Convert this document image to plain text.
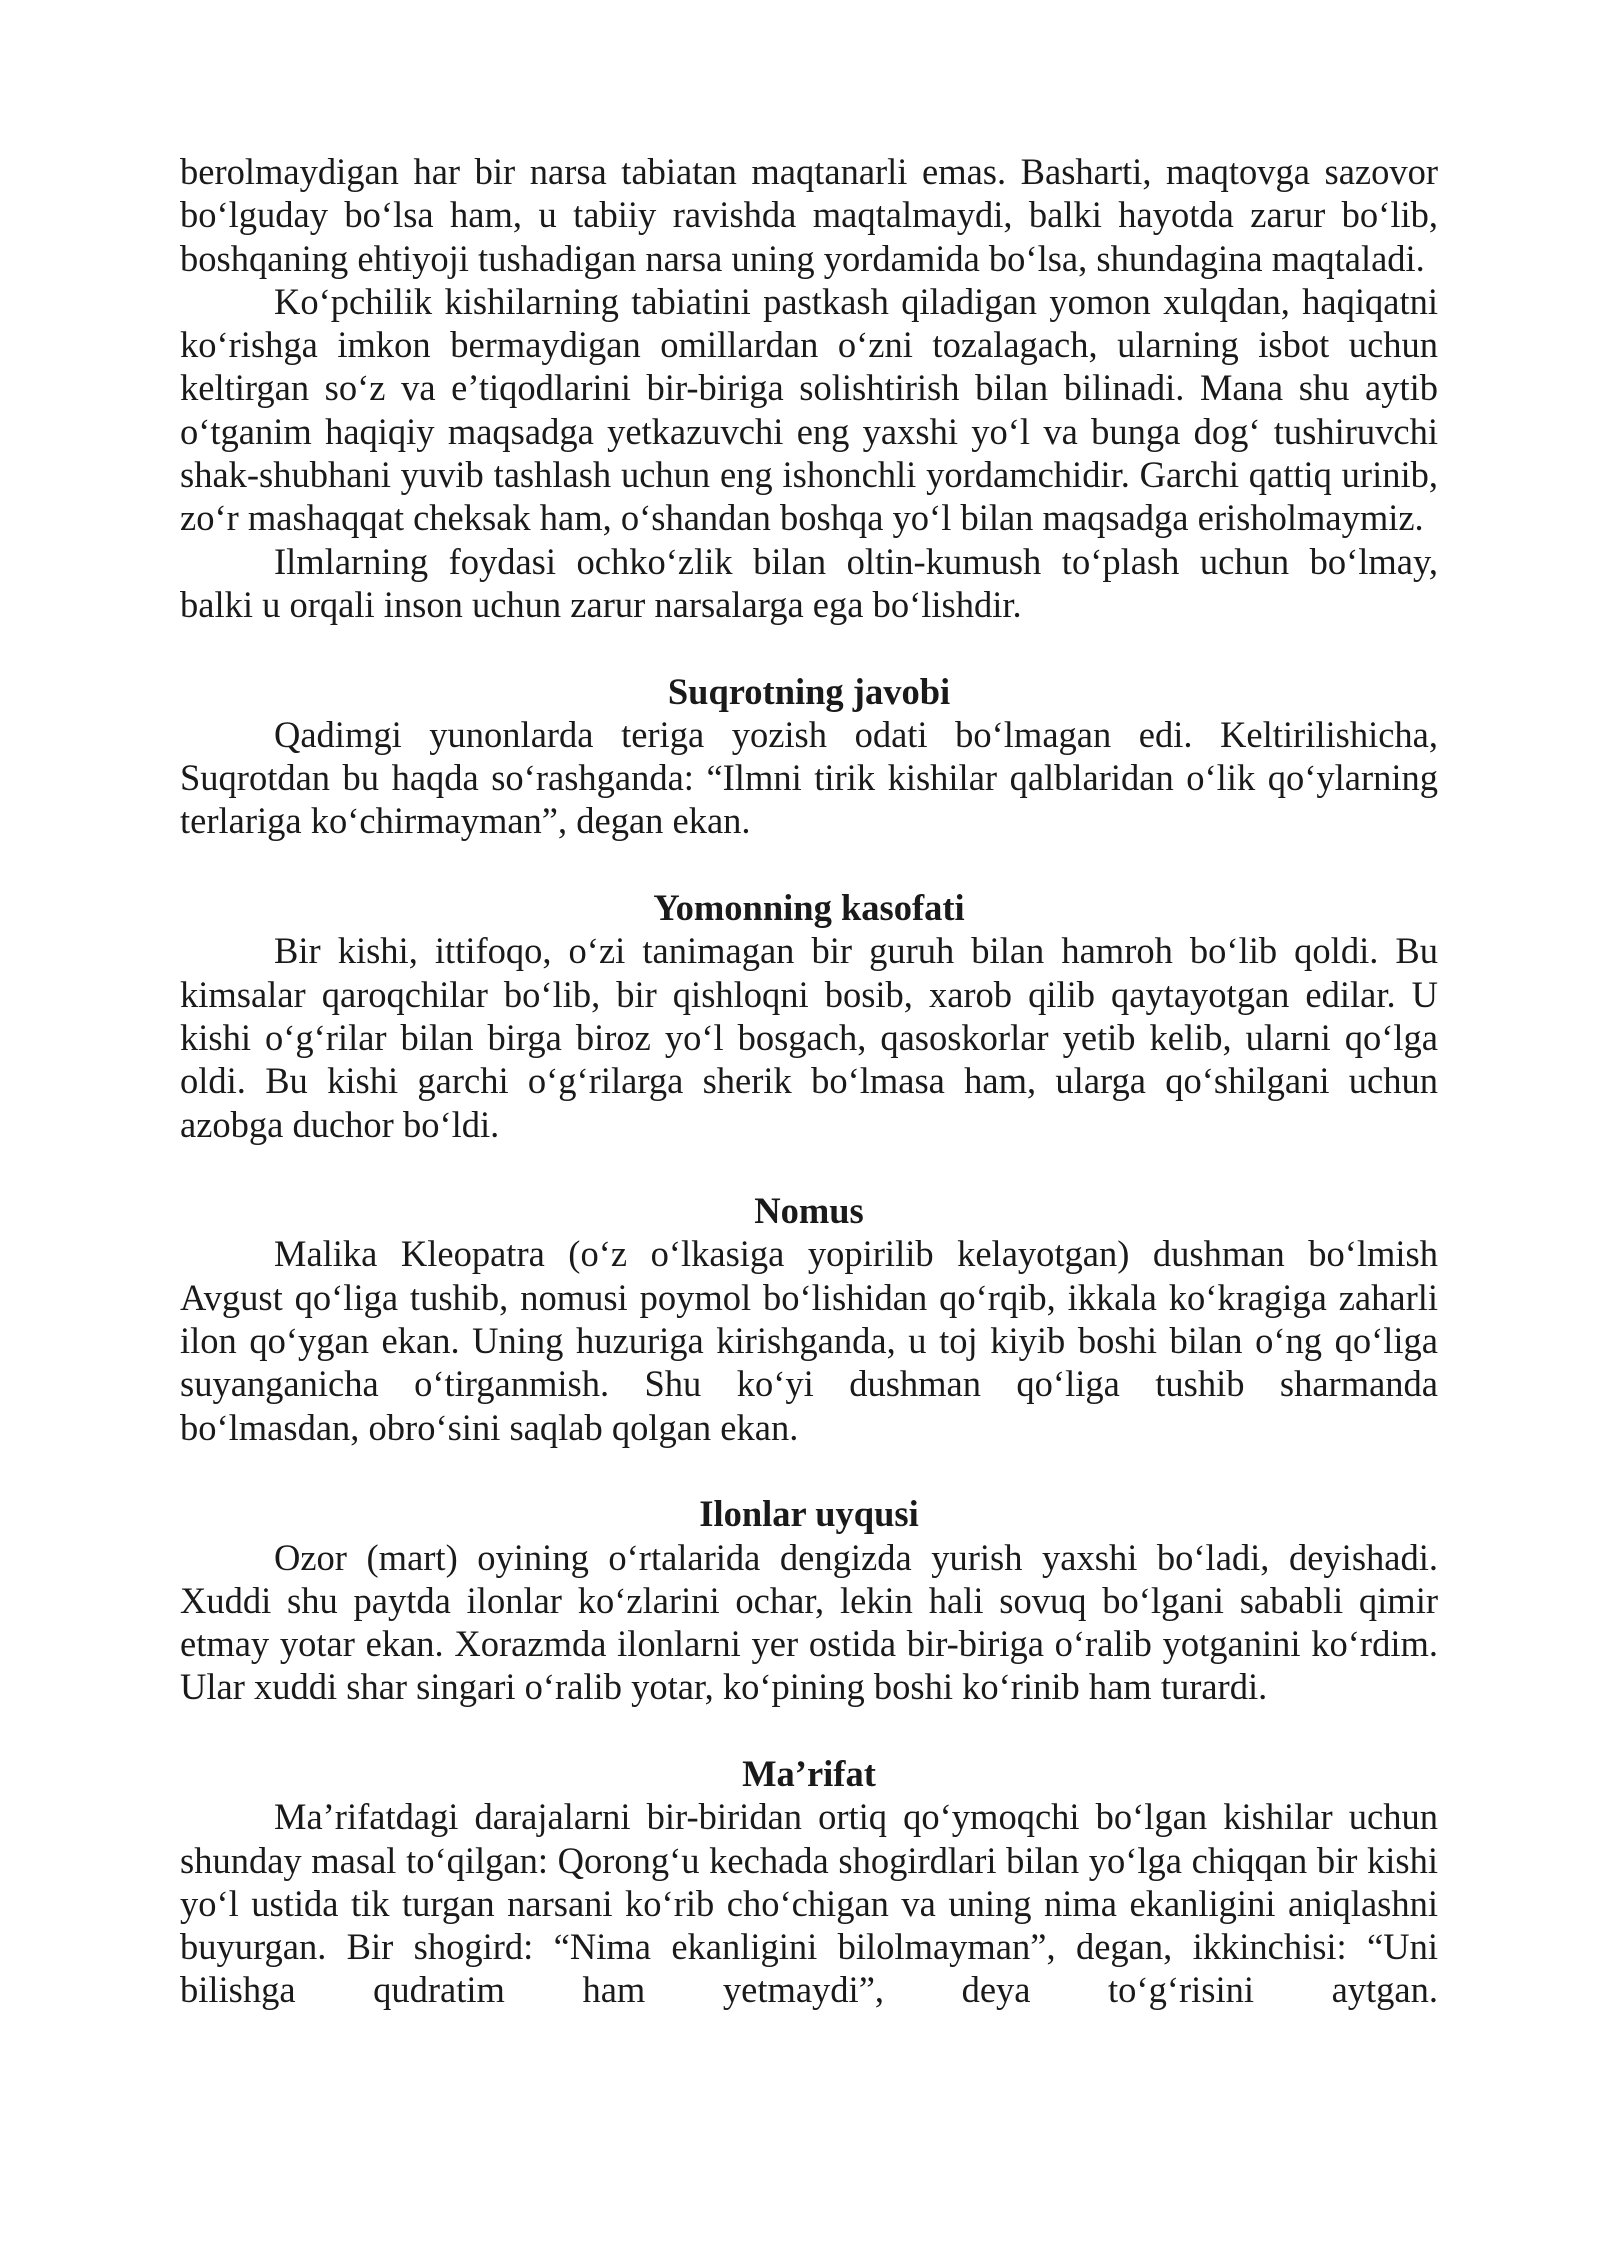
berolmaydigan har bir narsa tabiatan maqtanarli emas. Basharti, maqtovga sazovor bo‘lguday bo‘lsa ham, u tabiiy ravishda maqtalmaydi, balki hayotda zarur bo‘lib, boshqaning ehtiyoji tushadigan narsa uning yordamida bo‘lsa, shundagina maqtaladi.

Ko‘pchilik kishilarning tabiatini pastkash qiladigan yomon xulqdan, haqiqatni ko‘rishga imkon bermaydigan omillardan o‘zni tozalagach, ularning isbot uchun keltirgan so‘z va e’tiqodlarini bir-biriga solishtirish bilan bilinadi. Mana shu aytib o‘tganim haqiqiy maqsadga yetkazuvchi eng yaxshi yo‘l va bunga dog‘ tushiruvchi shak-shubhani yuvib tashlash uchun eng ishonchli yordamchidir. Garchi qattiq urinib, zo‘r mashaqqat cheksak ham, o‘shandan boshqa yo‘l bilan maqsadga erisholmaymiz.

Ilmlarning foydasi ochko‘zlik bilan oltin-kumush to‘plash uchun bo‘lmay, balki u orqali inson uchun zarur narsalarga ega bo‘lishdir.

Suqrotning javobi

Qadimgi yunonlarda teriga yozish odati bo‘lmagan edi. Keltirilishicha, Suqrotdan bu haqda so‘rashganda: “Ilmni tirik kishilar qalblaridan o‘lik qo‘ylarning terlariga ko‘chirmayman”, degan ekan.

Yomonning kasofati

Bir kishi, ittifoqo, o‘zi tanimagan bir guruh bilan hamroh bo‘lib qoldi. Bu kimsalar qaroqchilar bo‘lib, bir qishloqni bosib, xarob qilib qaytayotgan edilar. U kishi o‘g‘rilar bilan birga biroz yo‘l bosgach, qasoskorlar yetib kelib, ularni qo‘lga oldi. Bu kishi garchi o‘g‘rilarga sherik bo‘lmasa ham, ularga qo‘shilgani uchun azobga duchor bo‘ldi.

Nomus

Malika Kleopatra (o‘z o‘lkasiga yopirilib kelayotgan) dushman bo‘lmish Avgust qo‘liga tushib, nomusi poymol bo‘lishidan qo‘rqib, ikkala ko‘kragiga zaharli ilon qo‘ygan ekan. Uning huzuriga kirishganda, u toj kiyib boshi bilan o‘ng qo‘liga suyanganicha o‘tirganmish. Shu ko‘yi dushman qo‘liga tushib sharmanda bo‘lmasdan, obro‘sini saqlab qolgan ekan.

Ilonlar uyqusi

Ozor (mart) oyining o‘rtalarida dengizda yurish yaxshi bo‘ladi, deyishadi. Xuddi shu paytda ilonlar ko‘zlarini ochar, lekin hali sovuq bo‘lgani sababli qimir etmay yotar ekan. Xorazmda ilonlarni yer ostida bir-biriga o‘ralib yotganini ko‘rdim. Ular xuddi shar singari o‘ralib yotar, ko‘pining boshi ko‘rinib ham turardi.

Ma’rifat

Ma’rifatdagi darajalarni bir-biridan ortiq qo‘ymoqchi bo‘lgan kishilar uchun shunday masal to‘qilgan: Qorong‘u kechada shogirdlari bilan yo‘lga chiqqan bir kishi yo‘l ustida tik turgan narsani ko‘rib cho‘chigan va uning nima ekanligini aniqlashni buyurgan. Bir shogird: “Nima ekanligini bilolmayman”, degan, ikkinchisi: “Uni bilishga qudratim ham yetmaydi”, deya to‘g‘risini aytgan.
